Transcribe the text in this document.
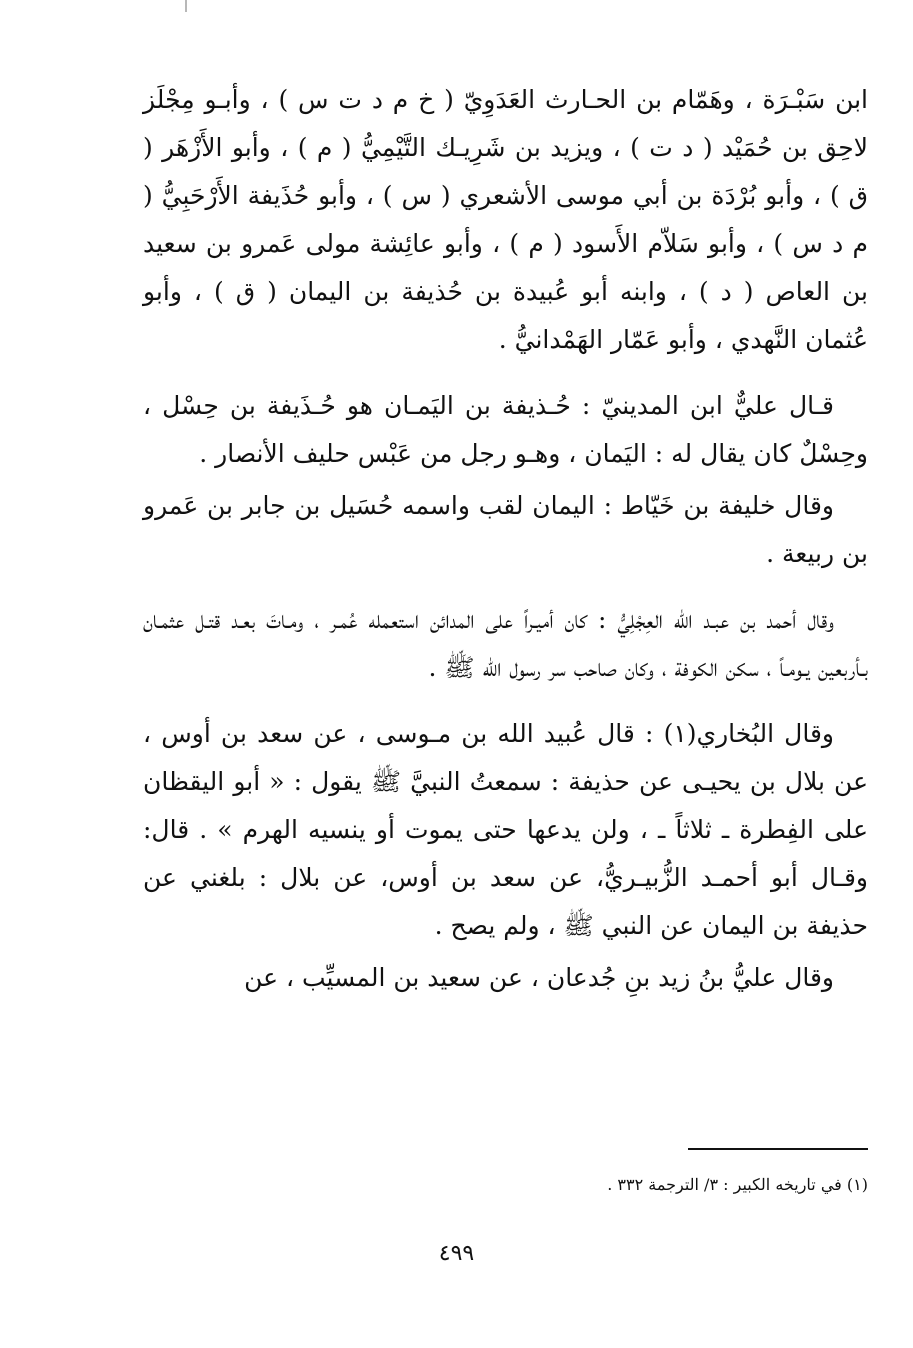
ابن سَبْـرَة ، وهَمّام بن الحـارث العَدَوِيّ ( خ م د ت س ) ، وأبـو مِجْلَز لاحِق بن حُمَيْد ( د ت ) ، ويزيد بن شَرِيـك التَّيْمِيُّ ( م ) ، وأبو الأَزْهَر ( ق ) ، وأبو بُرْدَة بن أبي موسى الأشعري ( س ) ، وأبو حُذَيفة الأَرْحَبِيُّ ( م د س ) ، وأبو سَلاّم الأَسود ( م ) ، وأبو عائِشة مولى عَمرو بن سعيد بن العاص ( د ) ، وابنه أبو عُبيدة بن حُذيفة بن اليمان ( ق ) ، وأبو عُثمان النَّهدي ، وأبو عَمّار الهَمْدانيُّ .

قـال عليٌّ ابن المدينيّ : حُـذيفة بن اليَمـان هو حُـذَيفة بن حِسْل ، وحِسْلٌ كان يقال له : اليَمان ، وهـو رجل من عَبْس حليف الأنصار .

وقال خليفة بن خَيّاط : اليمان لقب واسمه حُسَيل بن جابر بن عَمرو بن ربيعة .

وقال أحمد بن عبـد الله العِجْلِيُّ : كان أميـراً على المدائن استعمله عُمـر ، ومـاتَ بعـد قتـل عثمـان بـأربعين يـومـاً ، سكن الكوفة ، وكان صاحب سر رسول الله ﷺ .

وقال البُخاري(١) : قال عُبيد الله بن مـوسى ، عن سعد بن أوس ، عن بلال بن يحيـى عن حذيفة : سمعتُ النبيَّ ﷺ يقول : « أبو اليقظان على الفِطرة ـ ثلاثاً ـ ، ولن يدعها حتى يموت أو ينسيه الهرم » . قال: وقـال أبو أحمـد الزُّبيـريُّ، عن سعد بن أوس، عن بلال : بلغني عن حذيفة بن اليمان عن النبي ﷺ ، ولم يصح .

وقال عليُّ بنُ زيد بنِ جُدعان ، عن سعيد بن المسيِّب ، عن

(١) في تاريخه الكبير : ٣/ الترجمة ٣٣٢ .
٤٩٩
